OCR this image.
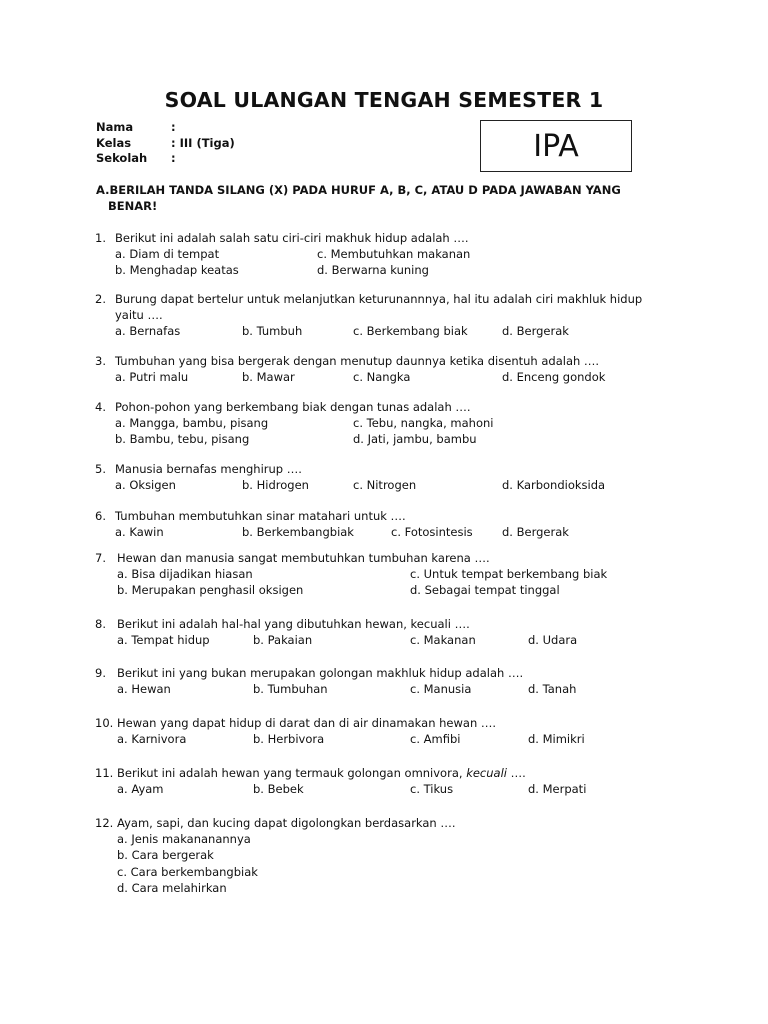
SOAL ULANGAN TENGAH SEMESTER 1
Nama	:
Kelas	: III (Tiga)
Sekolah :	IPA
A.BERILAH TANDA SILANG (X) PADA HURUF A, B, C, ATAU D PADA JAWABAN YANG
BENAR!
1. Berikut ini adalah salah satu ciri-ciri makhuk hidup adalah ….
a. Diam di tempat	c. Membutuhkan makanan
b. Menghadap keatas	d. Berwarna kuning
2. Burung dapat bertelur untuk melanjutkan keturunannnya, hal itu adalah ciri makhluk hidup
yaitu ….
a. Bernafas	b. Tumbuh	c. Berkembang biak	d. Bergerak
3. Tumbuhan yang bisa bergerak dengan menutup daunnya ketika disentuh adalah ….
a. Putri malu	b. Mawar	c. Nangka	d. Enceng gondok
4. Pohon-pohon yang berkembang biak dengan tunas adalah ….
a. Mangga, bambu, pisang	c. Tebu, nangka, mahoni
b. Bambu, tebu, pisang	d. Jati, jambu, bambu
5. Manusia bernafas menghirup ….
a. Oksigen	b. Hidrogen	c. Nitrogen	d. Karbondioksida
6. Tumbuhan membutuhkan sinar matahari untuk ….
a. Kawin	b. Berkembangbiak	c. Fotosintesis	d. Bergerak
7. Hewan dan manusia sangat membutuhkan tumbuhan karena ….
a. Bisa dijadikan hiasan	c. Untuk tempat berkembang biak
b. Merupakan penghasil oksigen	d. Sebagai tempat tinggal
8. Berikut ini adalah hal-hal yang dibutuhkan hewan, kecuali ….
a. Tempat hidup	b. Pakaian	c. Makanan	d. Udara
9. Berikut ini yang bukan merupakan golongan makhluk hidup adalah ….
a. Hewan	b. Tumbuhan	c. Manusia	d. Tanah
10. Hewan yang dapat hidup di darat dan di air dinamakan hewan ….
a. Karnivora	b. Herbivora	c. Amfibi	d. Mimikri
11. Berikut ini adalah hewan yang termauk golongan omnivora, kecuali ….
a. Ayam	b. Bebek	c. Tikus	d. Merpati
12. Ayam, sapi, dan kucing dapat digolongkan berdasarkan ….
a. Jenis makananannya
b. Cara bergerak
c. Cara berkembangbiak
d. Cara melahirkan
